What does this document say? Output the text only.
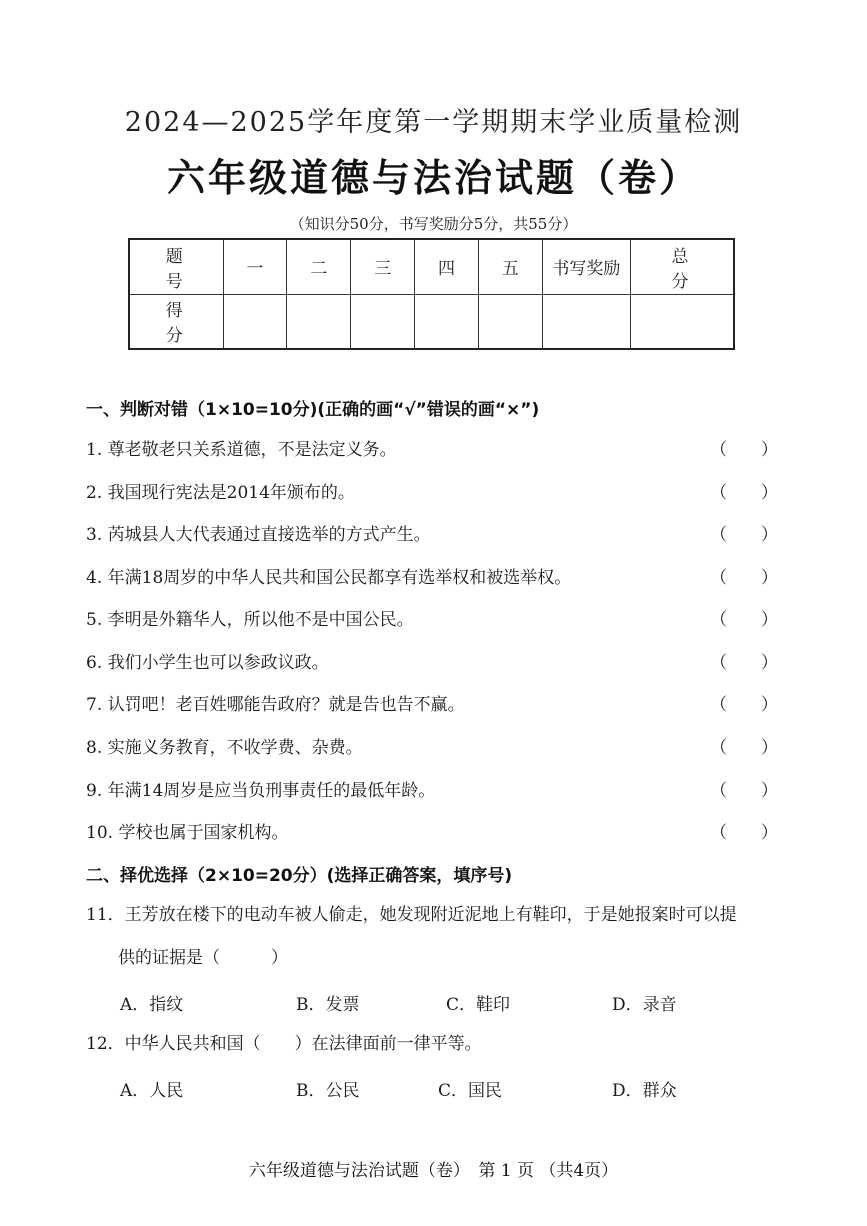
2024—2025学年度第一学期期末学业质量检测
六年级道德与法治试题（卷）
（知识分50分，书写奖励分5分，共55分）
题　号	一	二	三	四	五	书写奖励	总　分
得　分							
一、判断对错（1×10=10分)(正确的画“√”错误的画“×”)
1. 尊老敬老只关系道德，不是法定义务。	（　　）
2. 我国现行宪法是2014年颁布的。	（　　）
3. 芮城县人大代表通过直接选举的方式产生。	（　　）
4. 年满18周岁的中华人民共和国公民都享有选举权和被选举权。	（　　）
5. 李明是外籍华人，所以他不是中国公民。	（　　）
6. 我们小学生也可以参政议政。	（　　）
7. 认罚吧！老百姓哪能告政府？就是告也告不赢。	（　　）
8. 实施义务教育，不收学费、杂费。	（　　）
9. 年满14周岁是应当负刑事责任的最低年龄。	（　　）
10. 学校也属于国家机构。	（　　）
二、择优选择（2×10=20分）(选择正确答案，填序号)
11．王芳放在楼下的电动车被人偷走，她发现附近泥地上有鞋印，于是她报案时可以提
供的证据是（　　　）
A．指纹	B．发票	C．鞋印	D．录音
12．中华人民共和国（　　）在法律面前一律平等。
A．人民	B．公民	C．国民	D．群众
六年级道德与法治试题（卷）　第 1 页 （共4页）
